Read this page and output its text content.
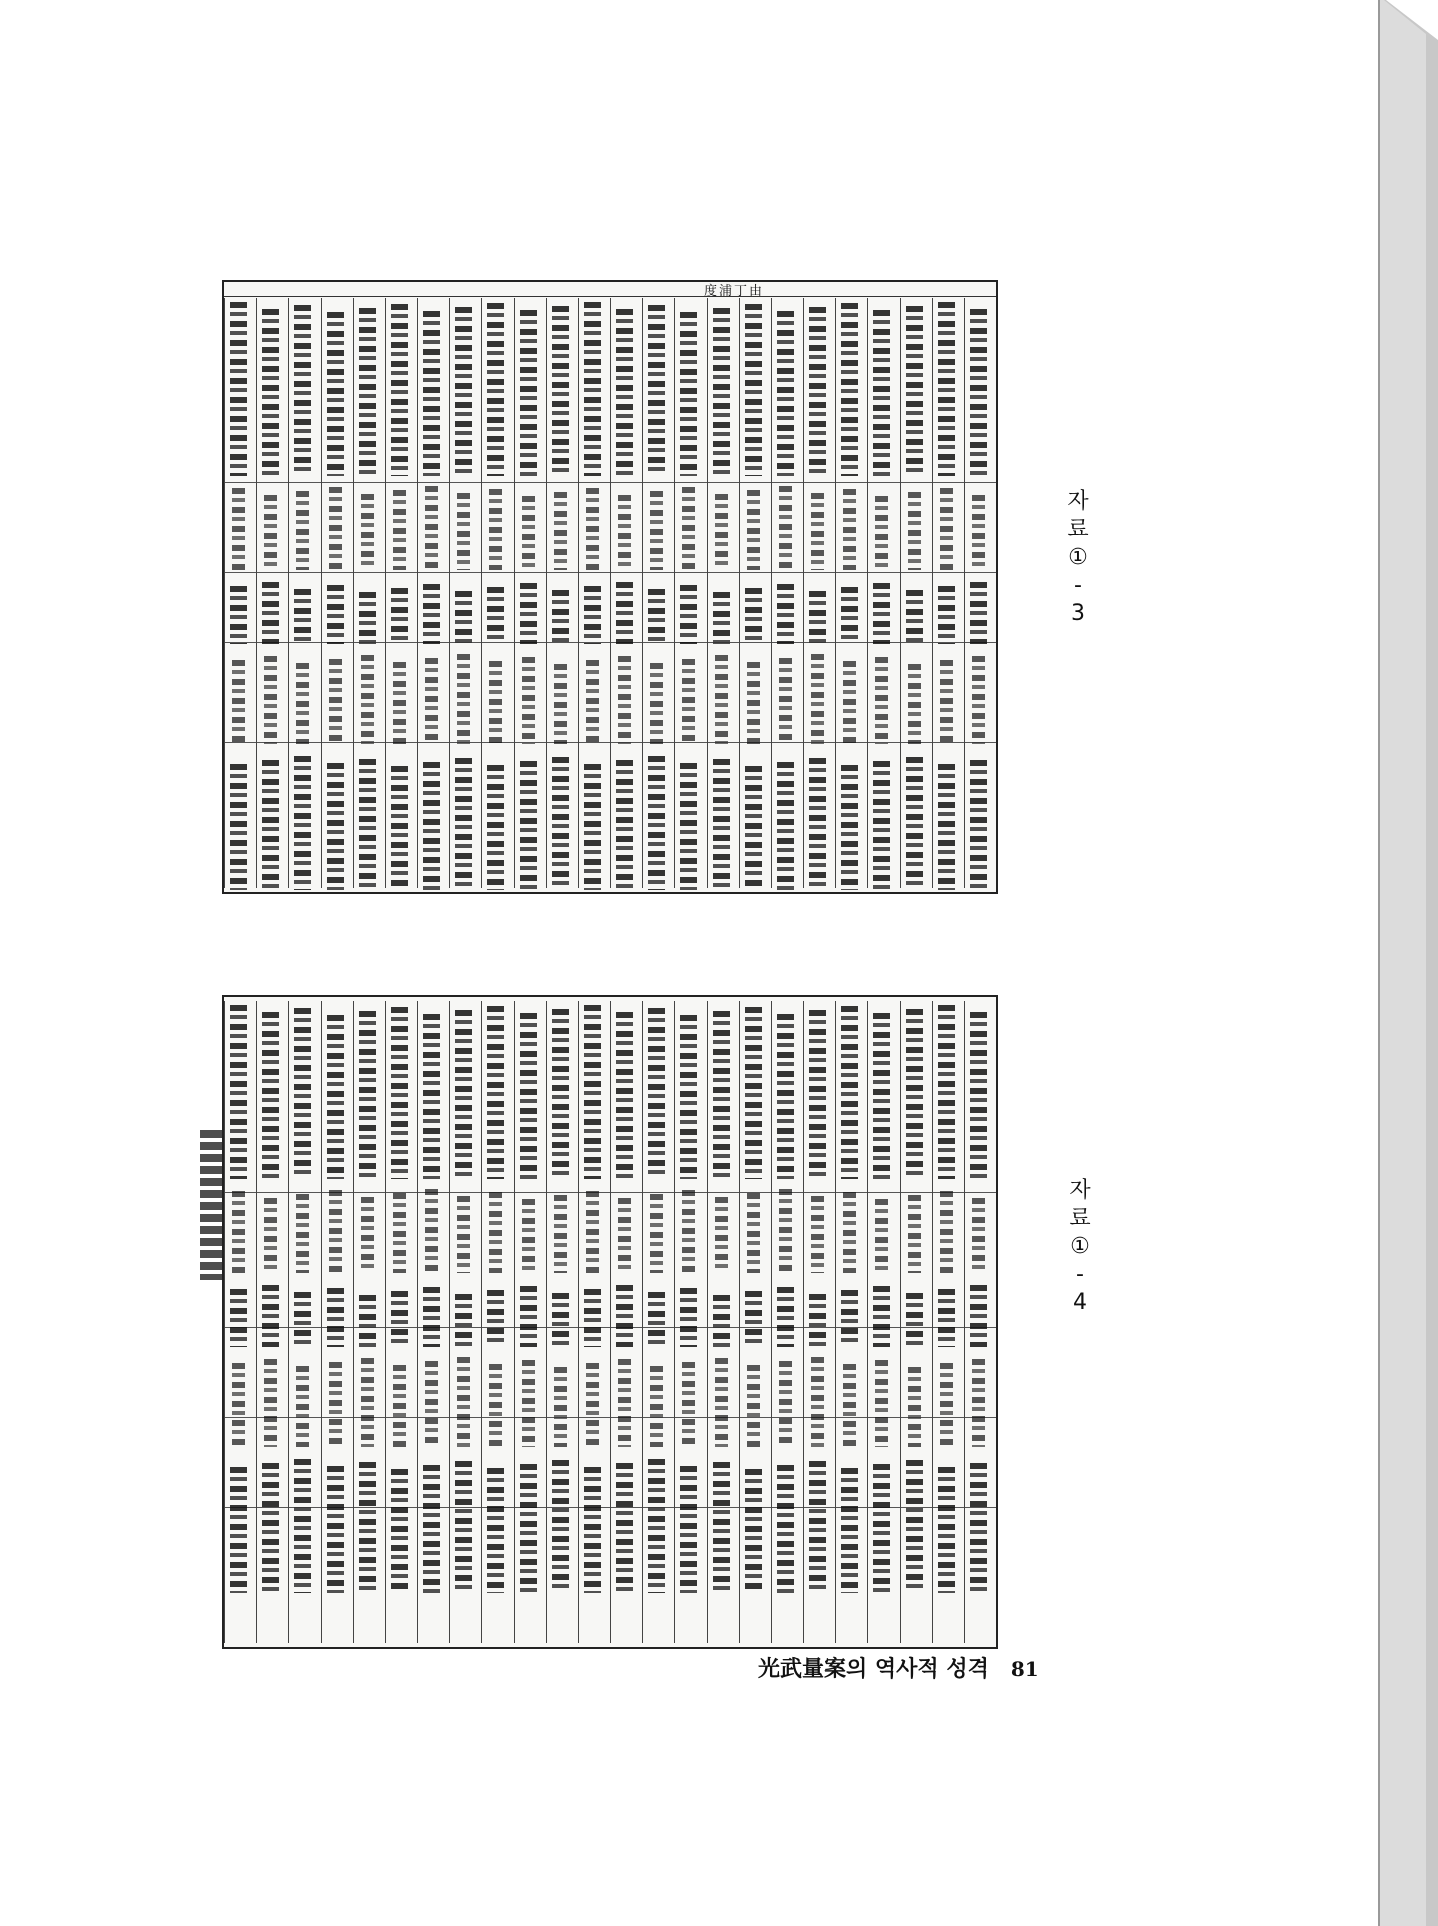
度浦丁由
자
료
①
-
3
자
료
①
-
4
光武量案의 역사적 성격 81
